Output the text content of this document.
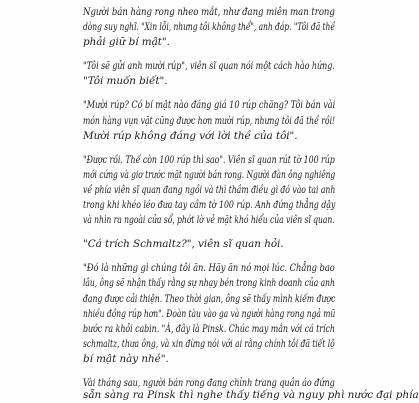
Người bán hàng rong nheo mắt, như đang miên man trong
dòng suy nghĩ. "Xin lỗi, nhưng tôi không thể", anh đáp. "Tôi đã thề
phải giữ bí mật".

"Tôi sẽ gửi anh mười rúp", viên sĩ quan nói một cách hào hứng.
"Tôi muốn biết".

"Mười rúp? Có bí mật nào đáng giá 10 rúp chăng? Tôi bán vài
món hàng vụn vặt cũng được hơn mười rúp, nhưng tôi đã thề rồi!
Mười rúp không đáng với lời thề của tôi".

"Được rồi. Thế còn 100 rúp thì sao". Viên sĩ quan rút tờ 100 rúp
mới cứng và giơ trước mặt người bán rong. Người đàn ông nghiêng
về phía viên sĩ quan đang ngồi và thì thầm điều gì đó vào tai anh
trong khi khéo léo đưa tay cầm tờ 100 rúp. Anh đứng thẳng dậy
và nhìn ra ngoài cửa sổ, phớt lờ vẻ mặt khó hiểu của viên sĩ quan.

"Cá trích Schmaltz?", viên sĩ quan hỏi.

"Đó là những gì chúng tôi ăn. Hãy ăn nó mọi lúc. Chẳng bao
lâu, ông sẽ nhận thấy rằng sự nhạy bén trong kinh doanh của anh
đang được cải thiện. Theo thời gian, ông sẽ thấy mình kiếm được
nhiều đồng rúp hơn". Đoàn tàu vào ga và người hàng rong ngả mũ
bước ra khỏi cabin. "À, đây là Pinsk. Chúc may mắn với cá trích
schmaltz, thưa ông, và xin đừng nói với ai rằng chính tôi đã tiết lộ
bí mật này nhé".

Vài tháng sau, người bán rong đang chỉnh trang quần áo đứng

sẵn sàng ra Pinsk thì nghe thấy tiếng và nguy phì nước đại phía
